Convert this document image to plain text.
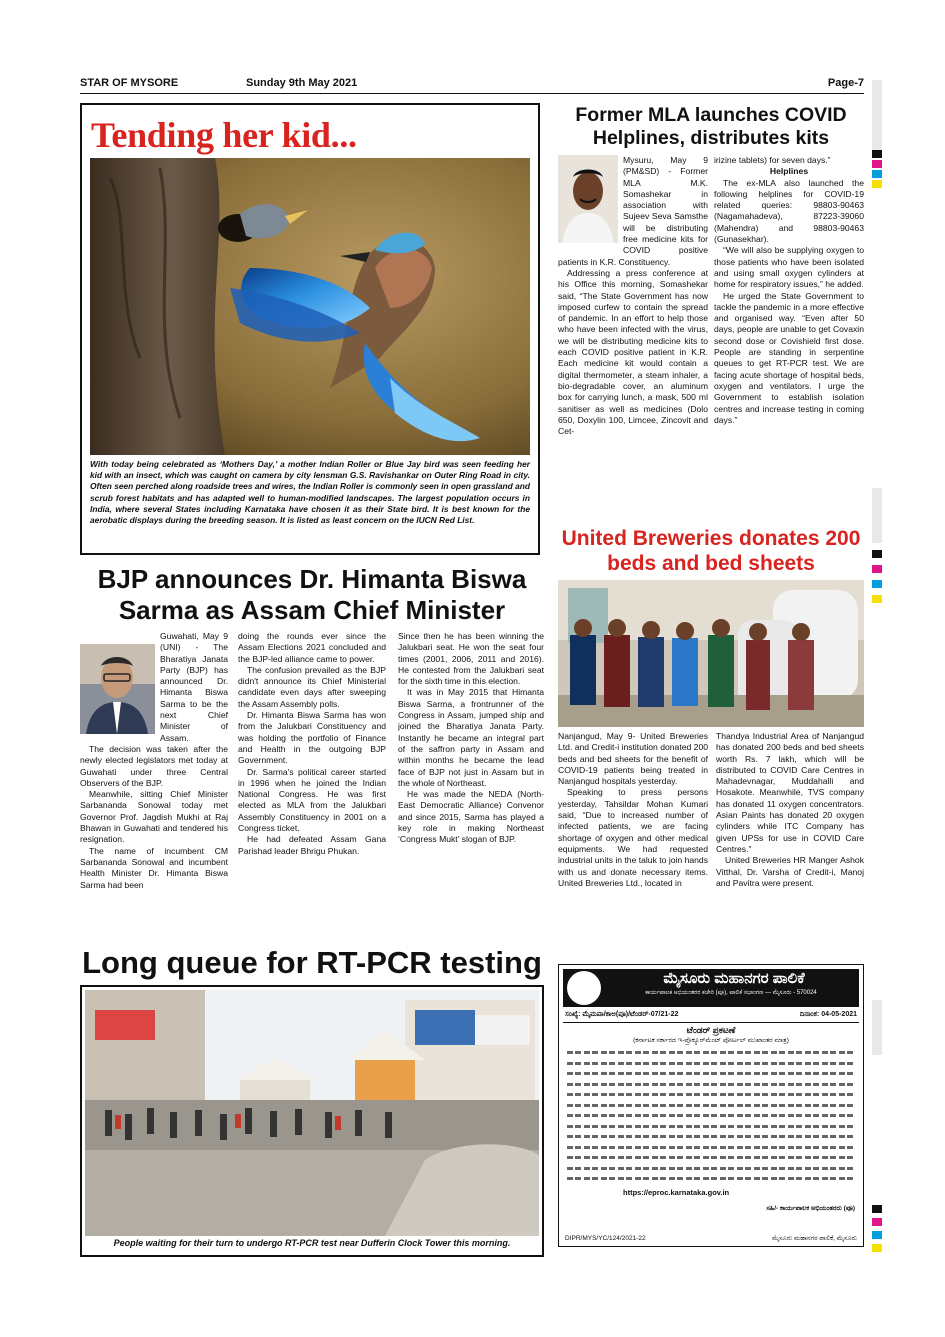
STAR OF MYSORE	Sunday 9th May 2021	Page-7
Tending her kid...
With today being celebrated as ‘Mothers Day,’ a mother Indian Roller or Blue Jay bird was seen feeding her kid with an insect, which was caught on camera by city lensman G.S. Ravishankar on Outer Ring Road in city. Often seen perched along roadside trees and wires, the Indian Roller is commonly seen in open grassland and scrub forest habitats and has adapted well to human-modified landscapes. The largest population occurs in India, where several States including Karnataka have chosen it as their State bird. It is best known for the aerobatic displays during the breeding season. It is listed as least concern on the IUCN Red List.
Former MLA launches COVID Helplines, distributes kits

Mysuru, May 9 (PM&SD) - Former MLA M.K. Somashekar in association with Sujeev Seva Samsthe will be distributing free medicine kits for COVID positive patients in K.R. Constituency.

Addressing a press conference at his Office this morning, Somashekar said, “The State Government has now imposed curfew to contain the spread of pandemic. In an effort to help those who have been infected with the virus, we will be distributing medicine kits to each COVID positive patient in K.R. Each medicine kit would contain a digital thermometer, a steam inhaler, a bio-degradable cover, an aluminum box for carrying lunch, a mask, 500 ml sanitiser as well as medicines (Dolo 650, Doxylin 100, Limcee, Zincovit and Cet-

irizine tablets) for seven days.”

Helplines

The ex-MLA also launched the following helplines for COVID-19 related queries: 98803-90463 (Nagamahadeva), 87223-39060 (Mahendra) and 98803-90463 (Gunasekhar).

“We will also be supplying oxygen to those patients who have been isolated and using small oxygen cylinders at home for respiratory issues,” he added.

He urged the State Government to tackle the pandemic in a more effective and organised way. “Even after 50 days, people are unable to get Covaxin second dose or Covishield first dose. People are standing in serpentine queues to get RT-PCR test. We are facing acute shortage of hospital beds, oxygen and ventilators. I urge the Government to establish isolation centres and increase testing in coming days.”

United Breweries donates 200 beds and bed sheets

Nanjangud, May 9- United Breweries Ltd. and Credit-i institution donated 200 beds and bed sheets for the benefit of COVID-19 patients being treated in Nanjangud hospitals yesterday.

Speaking to press persons yesterday, Tahsildar Mohan Kumari said, “Due to increased number of infected patients, we are facing shortage of oxygen and other medical equipments. We had requested industrial units in the taluk to join hands with us and donate necessary items. United Breweries Ltd., located in

Thandya Industrial Area of Nanjangud has donated 200 beds and bed sheets worth Rs. 7 lakh, which will be distributed to COVID Care Centres in Mahadevnagar, Muddahalli and Hosakote. Meanwhile, TVS company has donated 11 oxygen concentrators. Asian Paints has donated 20 oxygen cylinders while ITC Company has given UPSs for use in COVID Care Centres.”

United Breweries HR Manger Ashok Vitthal, Dr. Varsha of Credit-i, Manoj and Pavitra were present.

BJP announces Dr. Himanta Biswa Sarma as Assam Chief Minister

Guwahati, May 9 (UNI) - The Bharatiya Janata Party (BJP) has announced Dr. Himanta Biswa Sarma to be the next Chief Minister of Assam.

The decision was taken after the newly elected legislators met today at Guwahati under three Central Observers of the BJP.

Meanwhile, sitting Chief Minister Sarbananda Sonowal today met Governor Prof. Jagdish Mukhi at Raj Bhawan in Guwahati and tendered his resignation.

The name of incumbent CM Sarbananda Sonowal and incumbent Health Minister Dr. Himanta Biswa Sarma had been

doing the rounds ever since the Assam Elections 2021 concluded and the BJP-led alliance came to power.

The confusion prevailed as the BJP didn't announce its Chief Ministerial candidate even days after sweeping the Assam Assembly polls.

Dr. Himanta Biswa Sarma has won from the Jalukbari Constituency and was holding the portfolio of Finance and Health in the outgoing BJP Government.

Dr. Sarma's political career started in 1996 when he joined the Indian National Congress. He was first elected as MLA from the Jalukbari Assembly Constituency in 2001 on a Congress ticket.

He had defeated Assam Gana Parishad leader Bhrigu Phukan.

Since then he has been winning the Jalukbari seat. He won the seat four times (2001, 2006, 2011 and 2016). He contested from the Jalukbari seat for the sixth time in this election.

It was in May 2015 that Himanta Biswa Sarma, a frontrunner of the Congress in Assam, jumped ship and joined the Bharatiya Janata Party. Instantly he became an integral part of the saffron party in Assam and within months he became the lead face of BJP not just in Assam but in the whole of Northeast.

He was made the NEDA (North-East Democratic Alliance) Convenor and since 2015, Sarma has played a key role in making Northeast ‘Congress Mukt’ slogan of BJP.

Long queue for RT-PCR testing
People waiting for their turn to undergo RT-PCR test near Dufferin Clock Tower this morning.
ಮೈಸೂರು ಮಹಾನಗರ ಪಾಲಿಕೆ
ಕಾರ್ಯಪಾಲಕ ಅಭಿಯಂತರರ ಕಚೇರಿ (ಪೂ), ಪಾಲಿಕೆ ಸಭಾಂಗಣ — ಮೈಸೂರು - 570024
ಸಂಖ್ಯೆ: ಮೈಮಪಾ/ಕಾಅ(ಪೂ)/ಟೆಂಡರ್-07/21-22	ದಿನಾಂಕ: 04-05-2021
ಟೆಂಡರ್ ಪ್ರಕಟಣೆ
(ಕರ್ನಾಟಕ ಸರ್ಕಾರದ ಇ-ಪ್ರೊಕ್ಯೂರ್‌ಮೆಂಟ್ ಪೋರ್ಟಲ್ ಮುಖಾಂತರ ಮಾತ್ರ)
https://eproc.karnataka.gov.in
ಸಹಿ/- ಕಾರ್ಯಪಾಲಕ ಅಭಿಯಂತರರು (ಪೂ)
DIPR/MYS/YC/124/2021-22	ಮೈಸೂರು ಮಹಾನಗರ ಪಾಲಿಕೆ, ಮೈಸೂರು
